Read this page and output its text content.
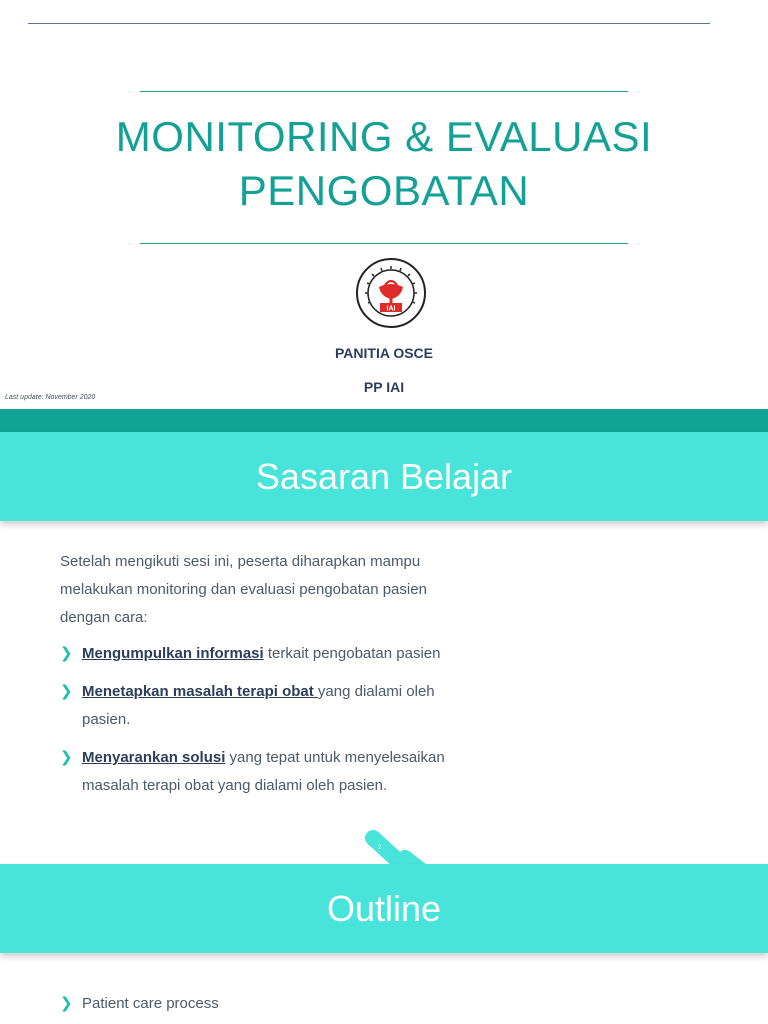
MONITORING & EVALUASI
PENGOBATAN
IAI
PANITIA OSCE
PP IAI
Last update: November 2020
Sasaran Belajar
Setelah mengikuti sesi ini, peserta diharapkan mampu
melakukan monitoring dan evaluasi pengobatan pasien
dengan cara:
❯ Mengumpulkan informasi terkait pengobatan pasien
❯ Menetapkan masalah terapi obat yang dialami oleh
pasien.
❯ Menyarankan solusi yang tepat untuk menyelesaikan
masalah terapi obat yang dialami oleh pasien.
2
Outline
❯ Patient care process
